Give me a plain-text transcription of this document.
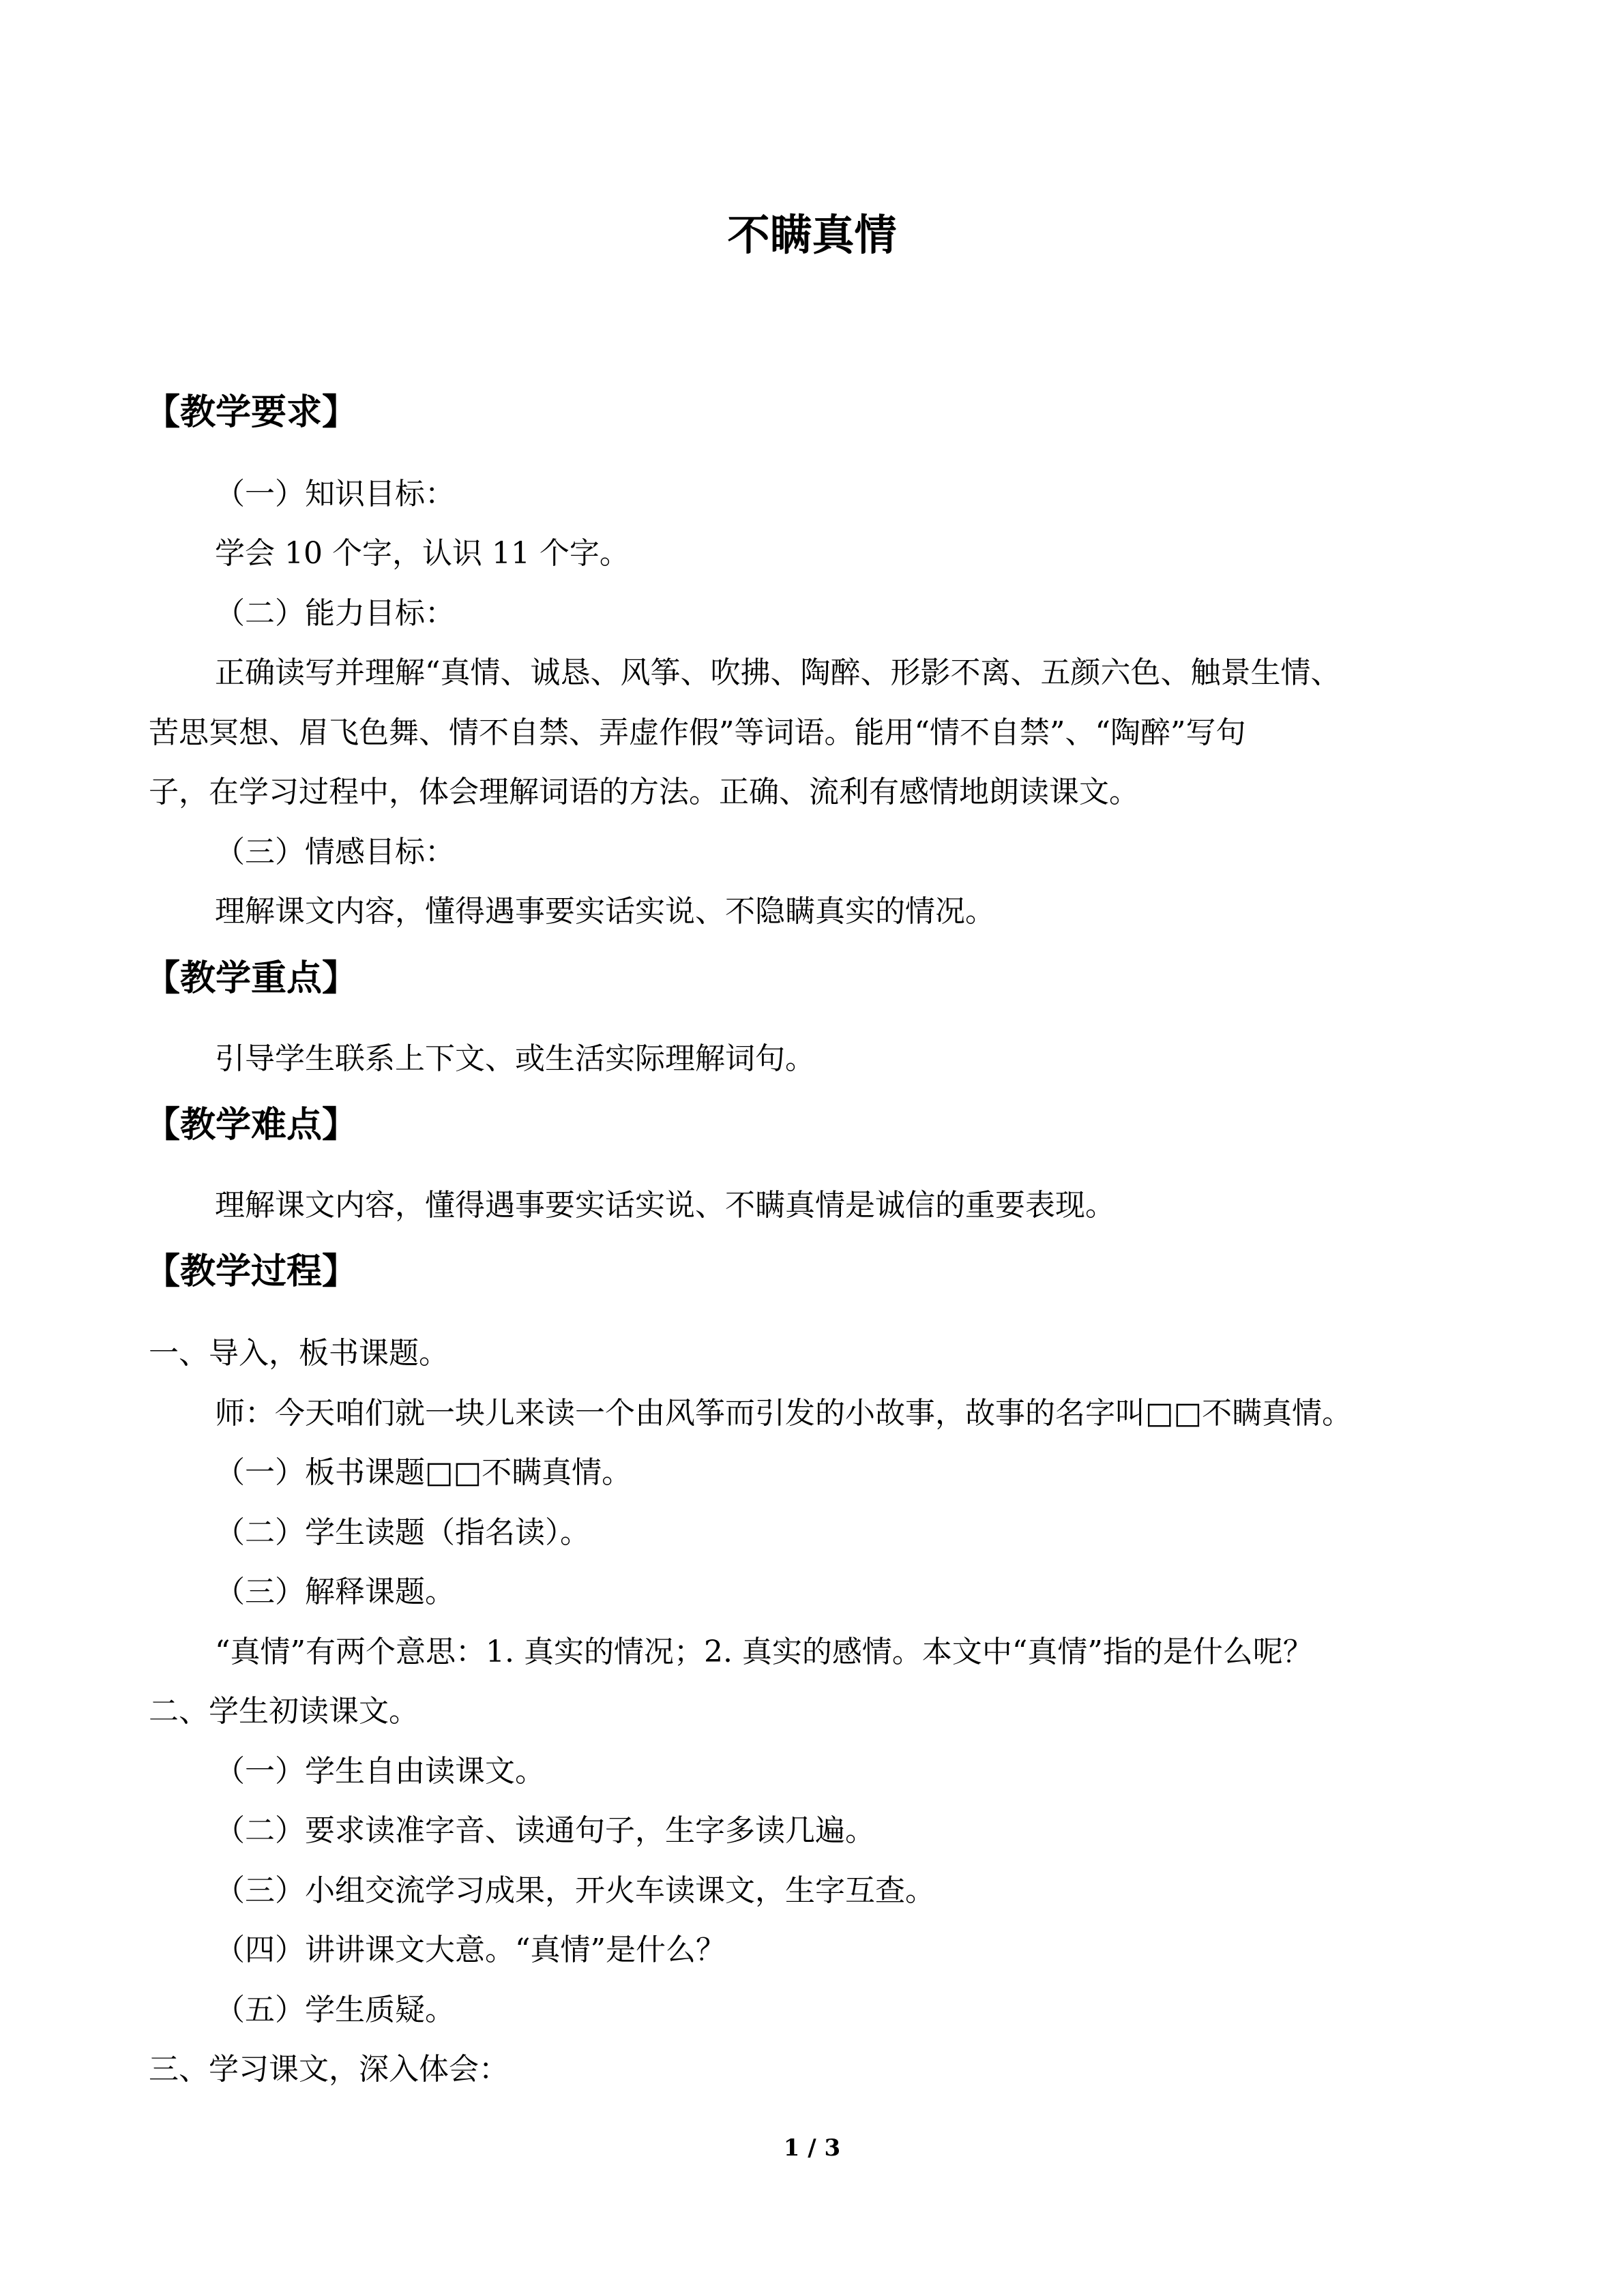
不瞒真情
【教学要求】

（一）知识目标：

学会 10 个字，认识 11 个字。

（二）能力目标：

正确读写并理解“真情、诚恳、风筝、吹拂、陶醉、形影不离、五颜六色、触景生情、

苦思冥想、眉飞色舞、情不自禁、弄虚作假”等词语。能用“情不自禁”、“陶醉”写句

子，在学习过程中，体会理解词语的方法。正确、流利有感情地朗读课文。

（三）情感目标：

理解课文内容，懂得遇事要实话实说、不隐瞒真实的情况。

【教学重点】

引导学生联系上下文、或生活实际理解词句。

【教学难点】

理解课文内容，懂得遇事要实话实说、不瞒真情是诚信的重要表现。

【教学过程】

一、导入，板书课题。

师：今天咱们就一块儿来读一个由风筝而引发的小故事，故事的名字叫□□不瞒真情。

（一）板书课题□□不瞒真情。

（二）学生读题（指名读）。

（三）解释课题。

“真情”有两个意思：1. 真实的情况；2. 真实的感情。本文中“真情”指的是什么呢？

二、学生初读课文。

（一）学生自由读课文。

（二）要求读准字音、读通句子，生字多读几遍。

（三）小组交流学习成果，开火车读课文，生字互查。

（四）讲讲课文大意。“真情”是什么？

（五）学生质疑。

三、学习课文，深入体会：

1 / 3
